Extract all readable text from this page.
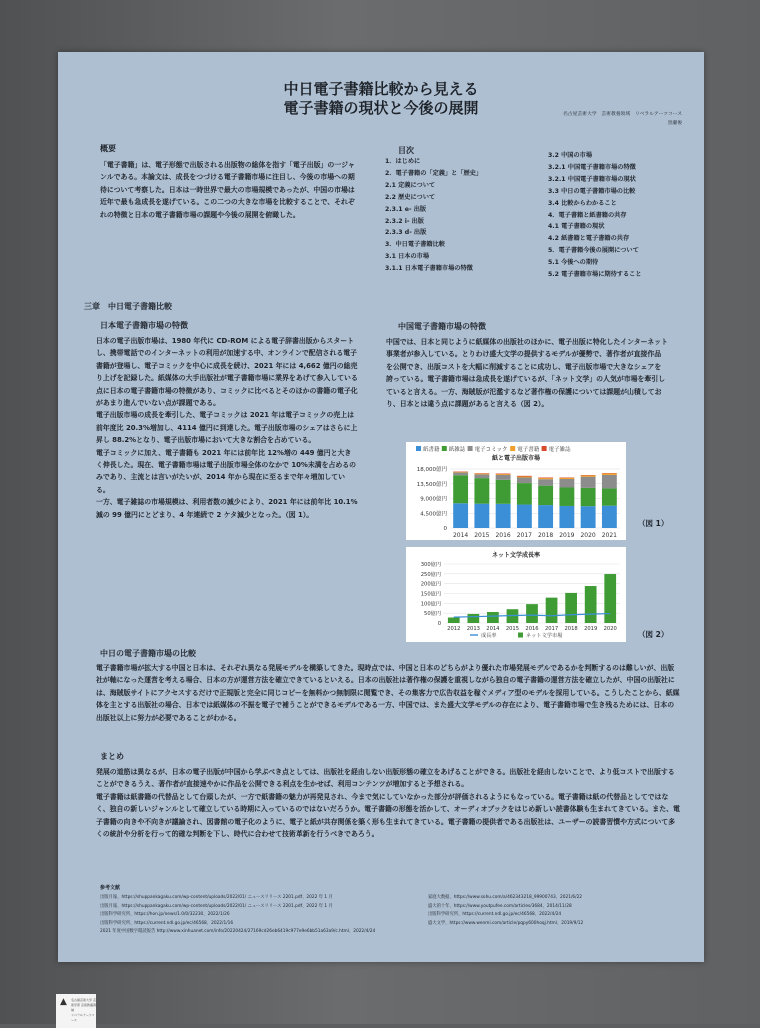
中日電子書籍比較から見える
電子書籍の現状と今後の展開	名古屋芸術大学　芸術教養領域　リベラルアーツコース
黒瀬俊
概要
「電子書籍」は、電子形態で出版される出版物の総体を指す「電子出版」の一ジャンルである。本論文は、成長をつづける電子書籍市場に注目し、今後の市場への期待について考察した。日本は一時世界で最大の市場規模であったが、中国の市場は近年で最も急成長を遂げている。この二つの大きな市場を比較することで、それぞれの特徴と日本の電子書籍市場の課題や今後の展開を俯瞰した。
目次
1．はじめに
2．電子書籍の「定義」と「歴史」
2.1 定義について
2.2 歴史について
2.3.1 e- 出版
2.3.2 i- 出版
2.3.3 d- 出版
3．中日電子書籍比較
3.1 日本の市場
3.1.1 日本電子書籍市場の特徴
3.2 中国の市場
3.2.1 中国電子書籍市場の特徴
3.2.1 中国電子書籍市場の現状
3.3 中日の電子書籍市場の比較
3.4 比較からわかること
4．電子書籍と紙書籍の共存
4.1 電子書籍の現状
4.2 紙書籍と電子書籍の共存
5．電子書籍今後の展開について
5.1 今後への期待
5.2 電子書籍市場に期待すること
三章　中日電子書籍比較
日本電子書籍市場の特徴
日本の電子出版市場は、1980 年代に CD-ROM による電子辞書出版からスタートし、携帯電話でのインターネットの利用が加速する中、オンラインで配信される電子書籍が登場し、電子コミックを中心に成長を続け、2021 年には 4,662 億円の総売り上げを記録した。紙媒体の大手出版社が電子書籍市場に業界をあげて参入している点に日本の電子書籍市場の特徴があり、コミックに比べるとそのほかの書籍の電子化があまり進んでいない点が課題である。
電子出版市場の成長を牽引した、電子コミックは 2021 年は電子コミックの売上は前年度比 20.3%増加し、4114 億円に到達した。電子出版市場のシェアはさらに上昇し 88.2%となり、電子出版市場において大きな割合を占めている。
電子コミックに加え、電子書籍も 2021 年には前年比 12%増の 449 億円と大きく伸長した。現在、電子書籍市場は電子出版市場全体のなかで 10%未満を占めるのみであり、主流とは言いがたいが、2014 年から現在に至るまで年々増加している。
一方、電子雑誌の市場規模は、利用者数の減少により、2021 年には前年比 10.1%減の 99 億円にとどまり、4 年連続で 2 ケタ減少となった。（図 1）。
中国電子書籍市場の特徴
中国では、日本と同じように紙媒体の出版社のほかに、電子出版に特化したインターネット事業者が参入している。とりわけ盛大文学の提供するモデルが優勢で、著作者が直接作品を公開でき、出版コストを大幅に削減することに成功し、電子出版市場で大きなシェアを誇っている。電子書籍市場は急成長を遂げているが、「ネット文学」の人気が市場を牽引していると言える。一方、海賊版が氾濫するなど著作権の保護については課題が山積しており、日本とは違う点に課題があると言える（図 2）。
紙書籍 紙雑誌 電子コミック 電子書籍 電子雑誌
紙と電子出版市場
18,000億円
13,500億円
9,000億円
4,500億円
0
2014 2015 2016 2017 2018 2019 2020 2021
（図 1）
ネット文学成長率
300億円
250億円
200億円
150億円
100億円
50億円
0
2012 2013 2014 2015 2016 2017 2018 2019 2020
成長率	ネット文学市場	（図 2）
中日の電子書籍市場の比較
電子書籍市場が拡大する中国と日本は、それぞれ異なる発展モデルを構築してきた。現時点では、中国と日本のどちらがより優れた市場発展モデルであるかを判断するのは難しいが、出版社が軸になった運営を考える場合、日本の方が運営方法を確立できているといえる。日本の出版社は著作権の保護を重視しながら独自の電子書籍の運営方法を確立したが、中国の出版社には、海賊版サイトにアクセスするだけで正規版と完全に同じコピーを無料かつ無制限に閲覧でき、その集客力で広告収益を稼ぐメディア型のモデルを採用している。こうしたことから、紙媒体を主とする出版社の場合、日本では紙媒体の不振を電子で補うことができるモデルである一方、中国では、また盛大文学モデルの存在により、電子書籍市場で生き残るためには、日本の出版社以上に努力が必要であることがわかる。
まとめ
発展の道筋は異なるが、日本の電子出版が中国から学ぶべき点としては、出版社を経由しない出版形態の確立をあげることができる。出版社を経由しないことで、より低コストで出版することができるうえ、著作者が直接速やかに作品を公開できる利点を生かせば、利用コンテンツが増加すると予想される。
電子書籍は紙書籍の代替品として台頭したが、一方で紙書籍の魅力が再発見され、今まで気にしていなかった部分が評価されるようにもなっている。電子書籍は紙の代替品としてではなく、独自の新しいジャンルとして確立している時期に入っているのではないだろうか。電子書籍の形態を活かして、オーディオブックをはじめ新しい読書体験も生まれてきている。また、電子書籍の向きや不向きが議論され、図書館の電子化のように、電子と紙が共存関係を築く形も生まれてきている。電子書籍の提供者である出版社は、ユーザーの読書習慣や方式について多くの統計や分析を行って的確な判断を下し、時代に合わせて技術革新を行うべきであろう。
参考文献
出版月報、https://shuppankagaku.com/wp-content/uploads/2022/01/ ニュースリリース 2201.pdf、2022 年 1 月
出版月報、https://shuppankagaku.com/wp-content/uploads/2022/01/ ニュースリリース 2201.pdf、2022 年 1 月
出版科学研究所、https://hon.jp/news/1.0/0/32230、2022/1/26
出版科学研究所、https://current.ndl.go.jp/ec/46568、2022/1/16
2021 年度中国数字閲読報告 http://www.xinhuanet.com/info/20220424/27169cd26eb6419c977e9e6bb51a63a9/c.html、2022/4/24
家庭大数据、https://www.sohu.com/a/462343218_99900743、2021/6/22
盛大的十年、https://www.youtpufee.com/articles/3684、2014/11/28
出版科学研究所、https://current.ndl.go.jp/ec/46568、2022/4/24
盛大文学、https://www.wenmi.com/article/pqpy600hoqj.html、2019/9/12
▲ 名古屋芸術大学 芸術学部 芸術教養領域
リベラルアーツコース
